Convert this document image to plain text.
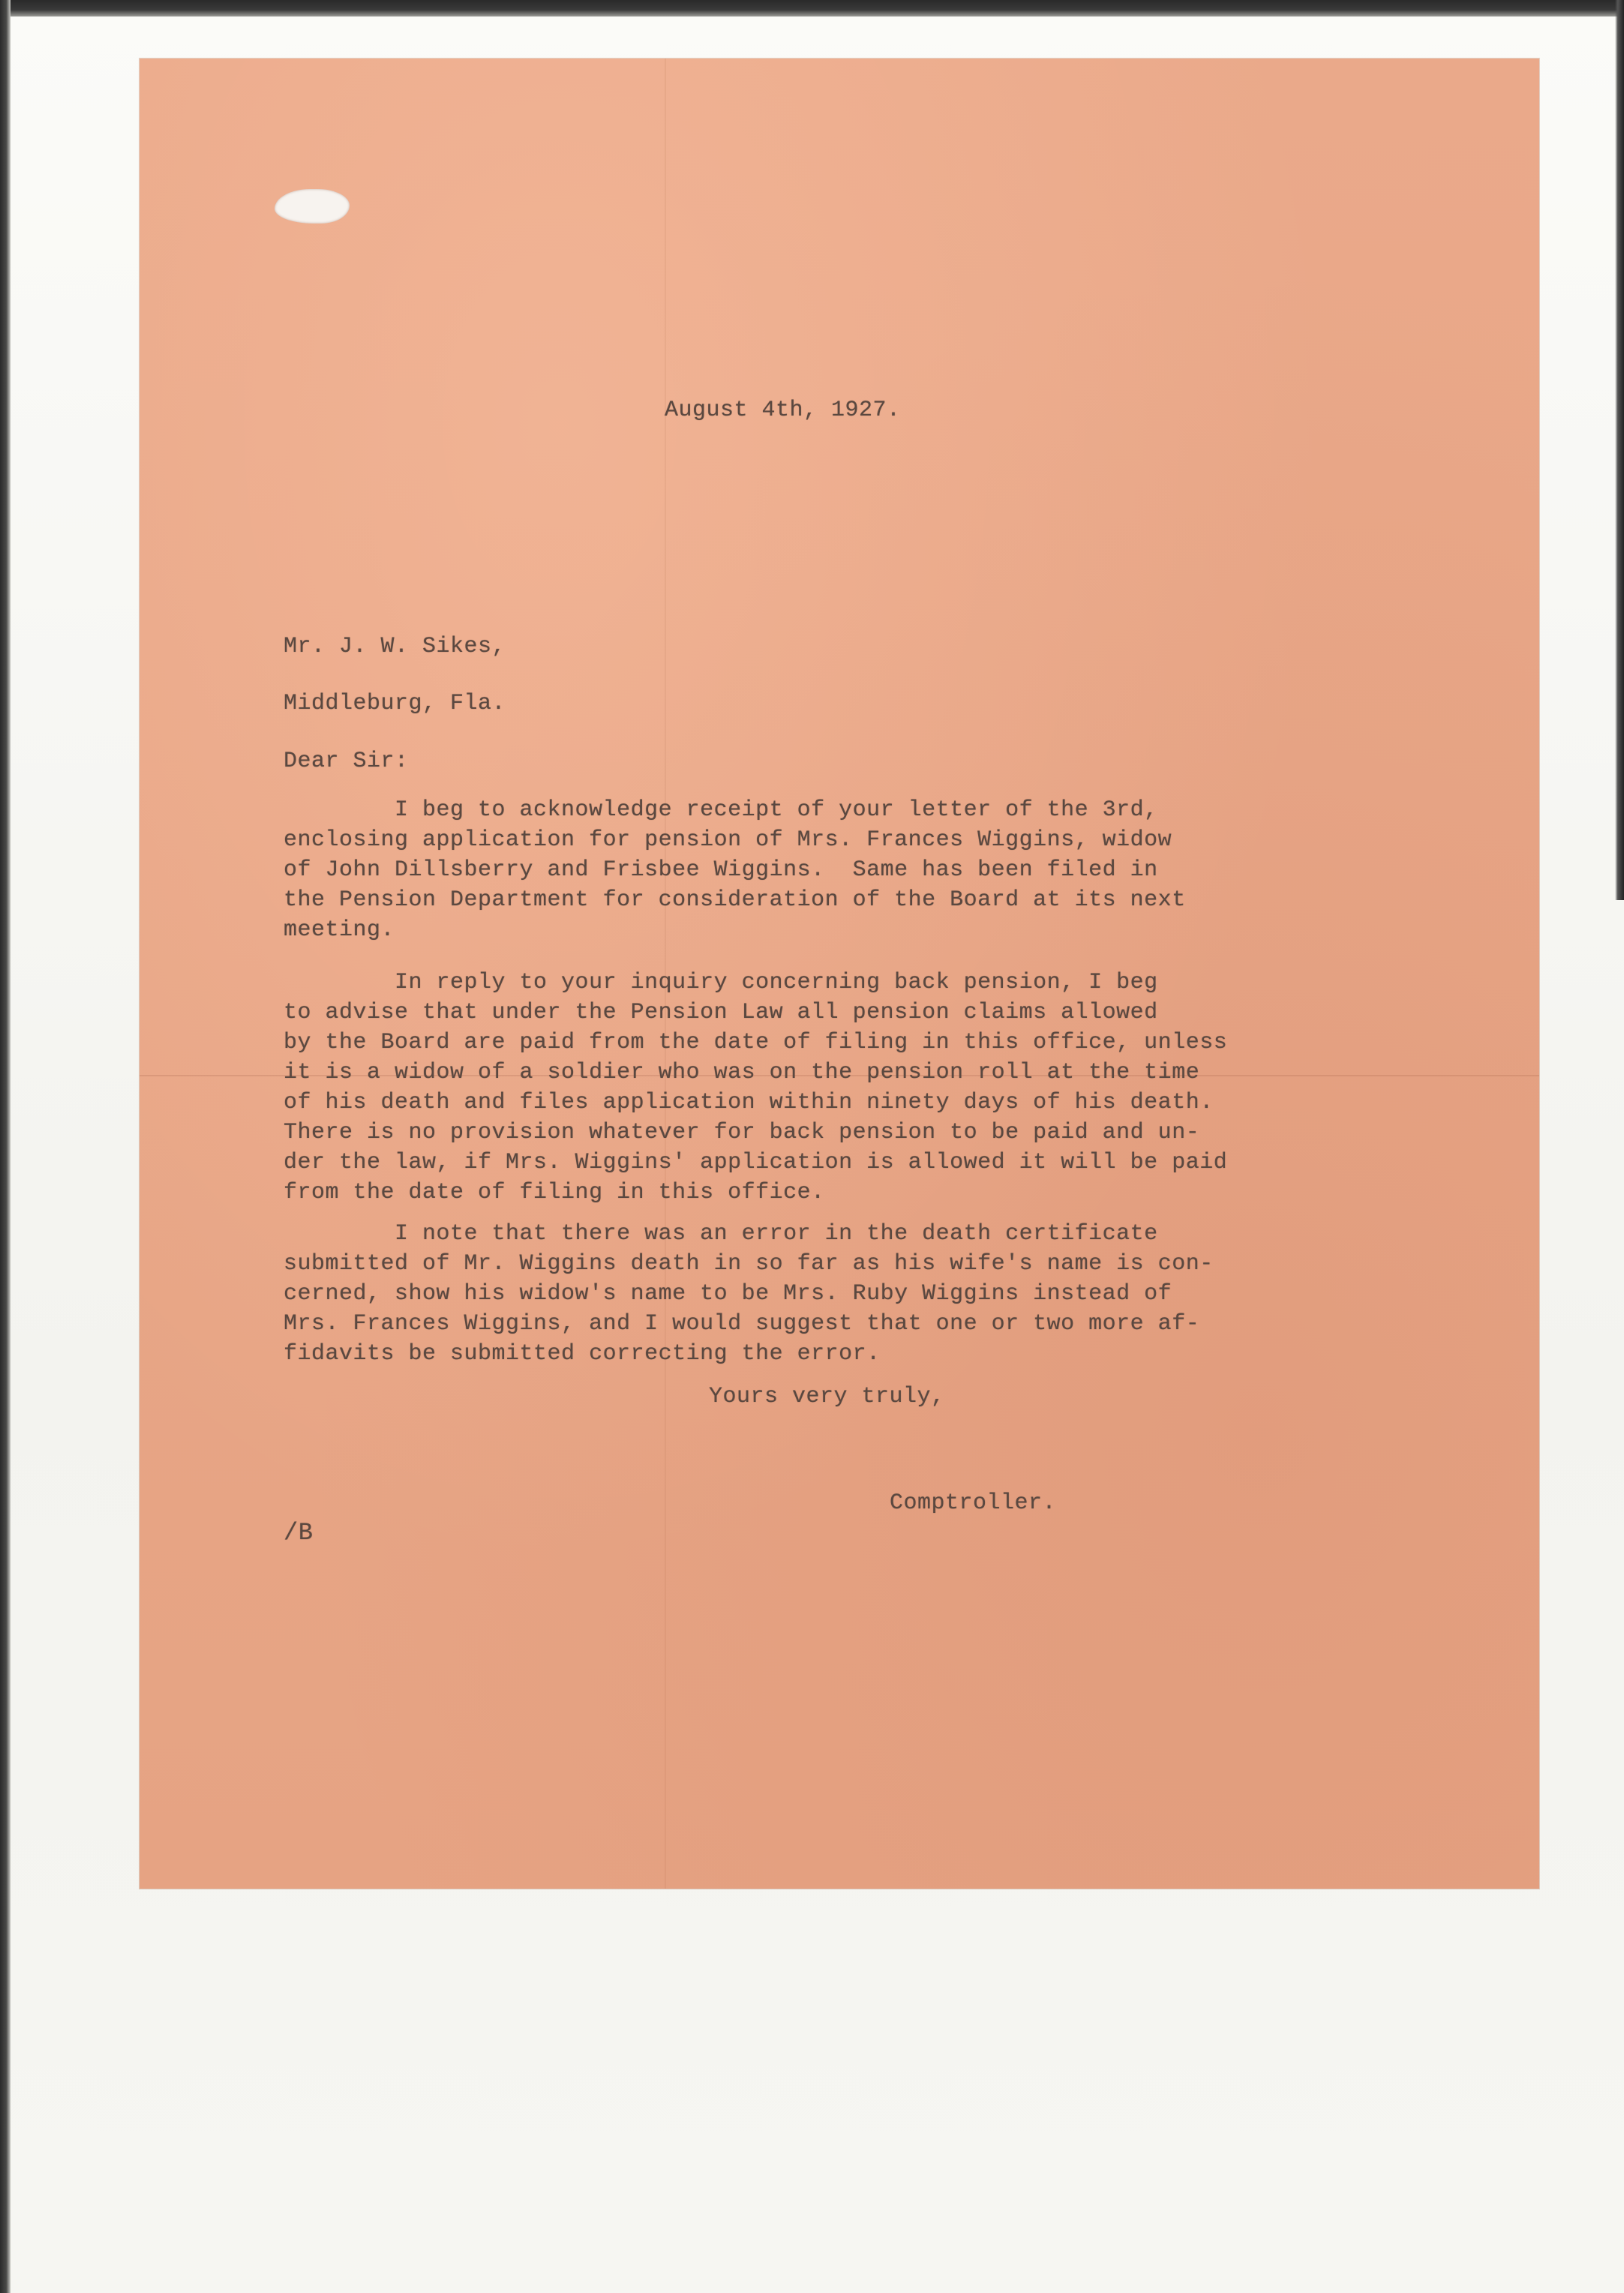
August 4th, 1927.
Mr. J. W. Sikes,
Middleburg, Fla.
Dear Sir:
I beg to acknowledge receipt of your letter of the 3rd,
enclosing application for pension of Mrs. Frances Wiggins, widow
of John Dillsberry and Frisbee Wiggins.  Same has been filed in
the Pension Department for consideration of the Board at its next
meeting.
In reply to your inquiry concerning back pension, I beg
to advise that under the Pension Law all pension claims allowed
by the Board are paid from the date of filing in this office, unless
it is a widow of a soldier who was on the pension roll at the time
of his death and files application within ninety days of his death.
There is no provision whatever for back pension to be paid and un-
der the law, if Mrs. Wiggins' application is allowed it will be paid
from the date of filing in this office.
I note that there was an error in the death certificate
submitted of Mr. Wiggins death in so far as his wife's name is con-
cerned, show his widow's name to be Mrs. Ruby Wiggins instead of
Mrs. Frances Wiggins, and I would suggest that one or two more af-
fidavits be submitted correcting the error.
Yours very truly,
Comptroller.
/B
